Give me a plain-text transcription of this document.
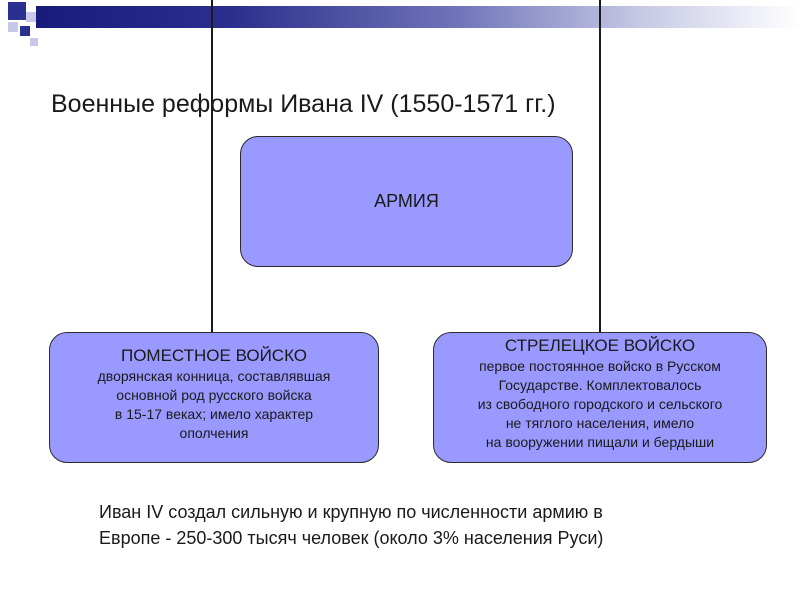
Военные реформы Ивана IV (1550-1571 гг.)
АРМИЯ
ПОМЕСТНОЕ ВОЙСКО
дворянская конница, составлявшая
основной род русского войска
в 15-17 веках; имело характер
ополчения
СТРЕЛЕЦКОЕ ВОЙСКО
первое постоянное войско в Русском
Государстве. Комплектовалось
из свободного городского и сельского
не тяглого населения, имело
на вооружении пищали и бердыши
Иван IV создал сильную и крупную по численности армию в
Европе - 250-300 тысяч человек (около 3% населения Руси)
